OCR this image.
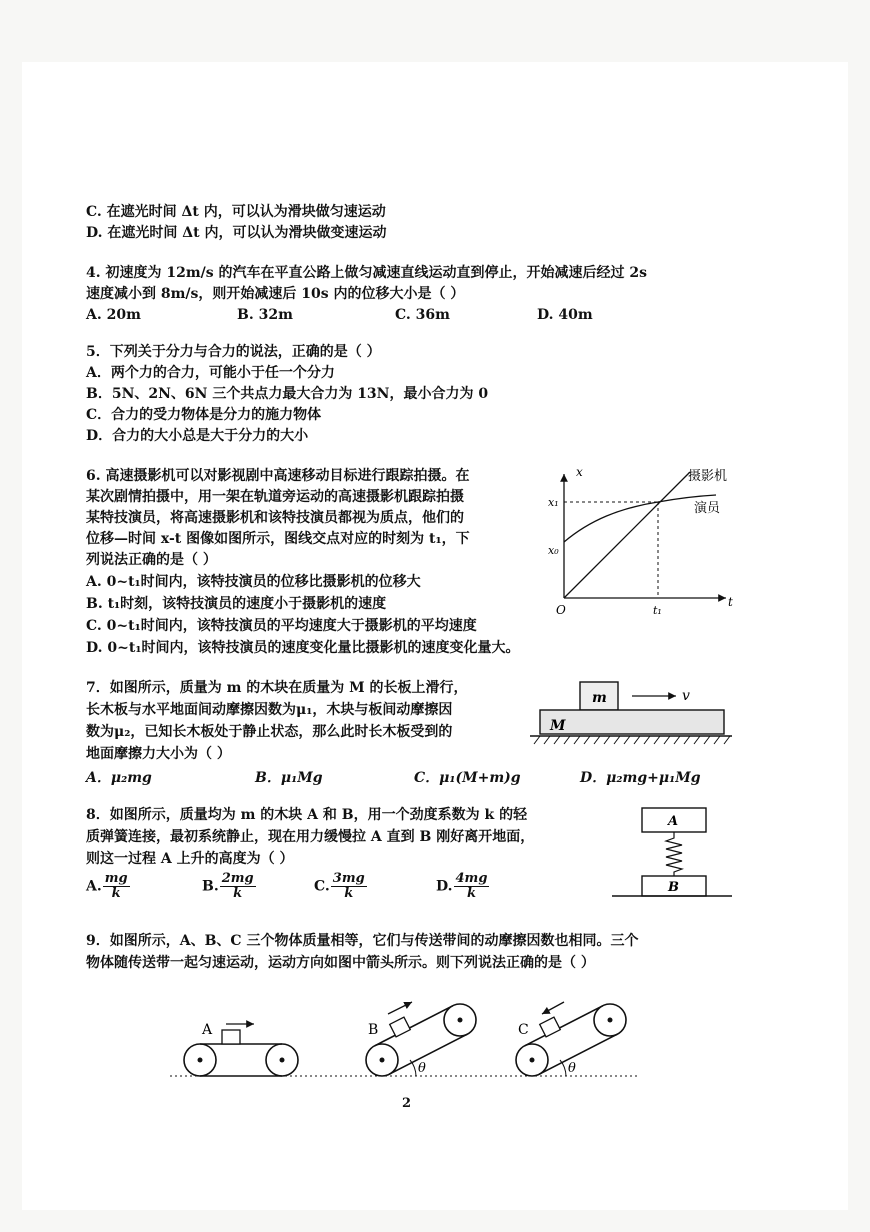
C. 在遮光时间 Δt 内，可以认为滑块做匀速运动
D. 在遮光时间 Δt 内，可以认为滑块做变速运动
4. 初速度为 12m/s 的汽车在平直公路上做匀减速直线运动直到停止，开始减速后经过 2s
速度减小到 8m/s，则开始减速后 10s 内的位移大小是（ ）
A. 20m	B. 32m	C. 36m	D. 40m
5．下列关于分力与合力的说法，正确的是（ ）
A．两个力的合力，可能小于任一个分力
B．5N、2N、6N 三个共点力最大合力为 13N，最小合力为 0
C．合力的受力物体是分力的施力物体
D．合力的大小总是大于分力的大小
6. 高速摄影机可以对影视剧中高速移动目标进行跟踪拍摄。在
某次剧情拍摄中，用一架在轨道旁运动的高速摄影机跟踪拍摄
某特技演员，将高速摄影机和该特技演员都视为质点，他们的
位移—时间 x-t 图像如图所示，图线交点对应的时刻为 t₁，下
列说法正确的是（ ）
A. 0~t₁时间内，该特技演员的位移比摄影机的位移大
B. t₁时刻，该特技演员的速度小于摄影机的速度
C. 0~t₁时间内，该特技演员的平均速度大于摄影机的平均速度
D. 0~t₁时间内，该特技演员的速度变化量比摄影机的速度变化量大。
x
t
O
x₁
x₀
t₁
摄影机
演员
7．如图所示，质量为 m 的木块在质量为 M 的长板上滑行，
长木板与水平地面间动摩擦因数为μ₁，木块与板间动摩擦因
数为μ₂，已知长木板处于静止状态，那么此时长木板受到的
地面摩擦力大小为（ ）
A．μ₂mg	B．μ₁Mg	C．μ₁(M+m)g	D．μ₂mg+μ₁Mg
m	v
M
8．如图所示，质量均为 m 的木块 A 和 B，用一个劲度系数为 k 的轻
质弹簧连接，最初系统静止，现在用力缓慢拉 A 直到 B 刚好离开地面，
则这一过程 A 上升的高度为（ ）
A. $\frac{mg}{k}$	B. $\frac{2mg}{k}$	C. $\frac{3mg}{k}$	D. $\frac{4mg}{k}$
A
B
9．如图所示，A、B、C 三个物体质量相等，它们与传送带间的动摩擦因数也相同。三个
物体随传送带一起匀速运动，运动方向如图中箭头所示。则下列说法正确的是（ ）
A	B
θ
C
θ
2
